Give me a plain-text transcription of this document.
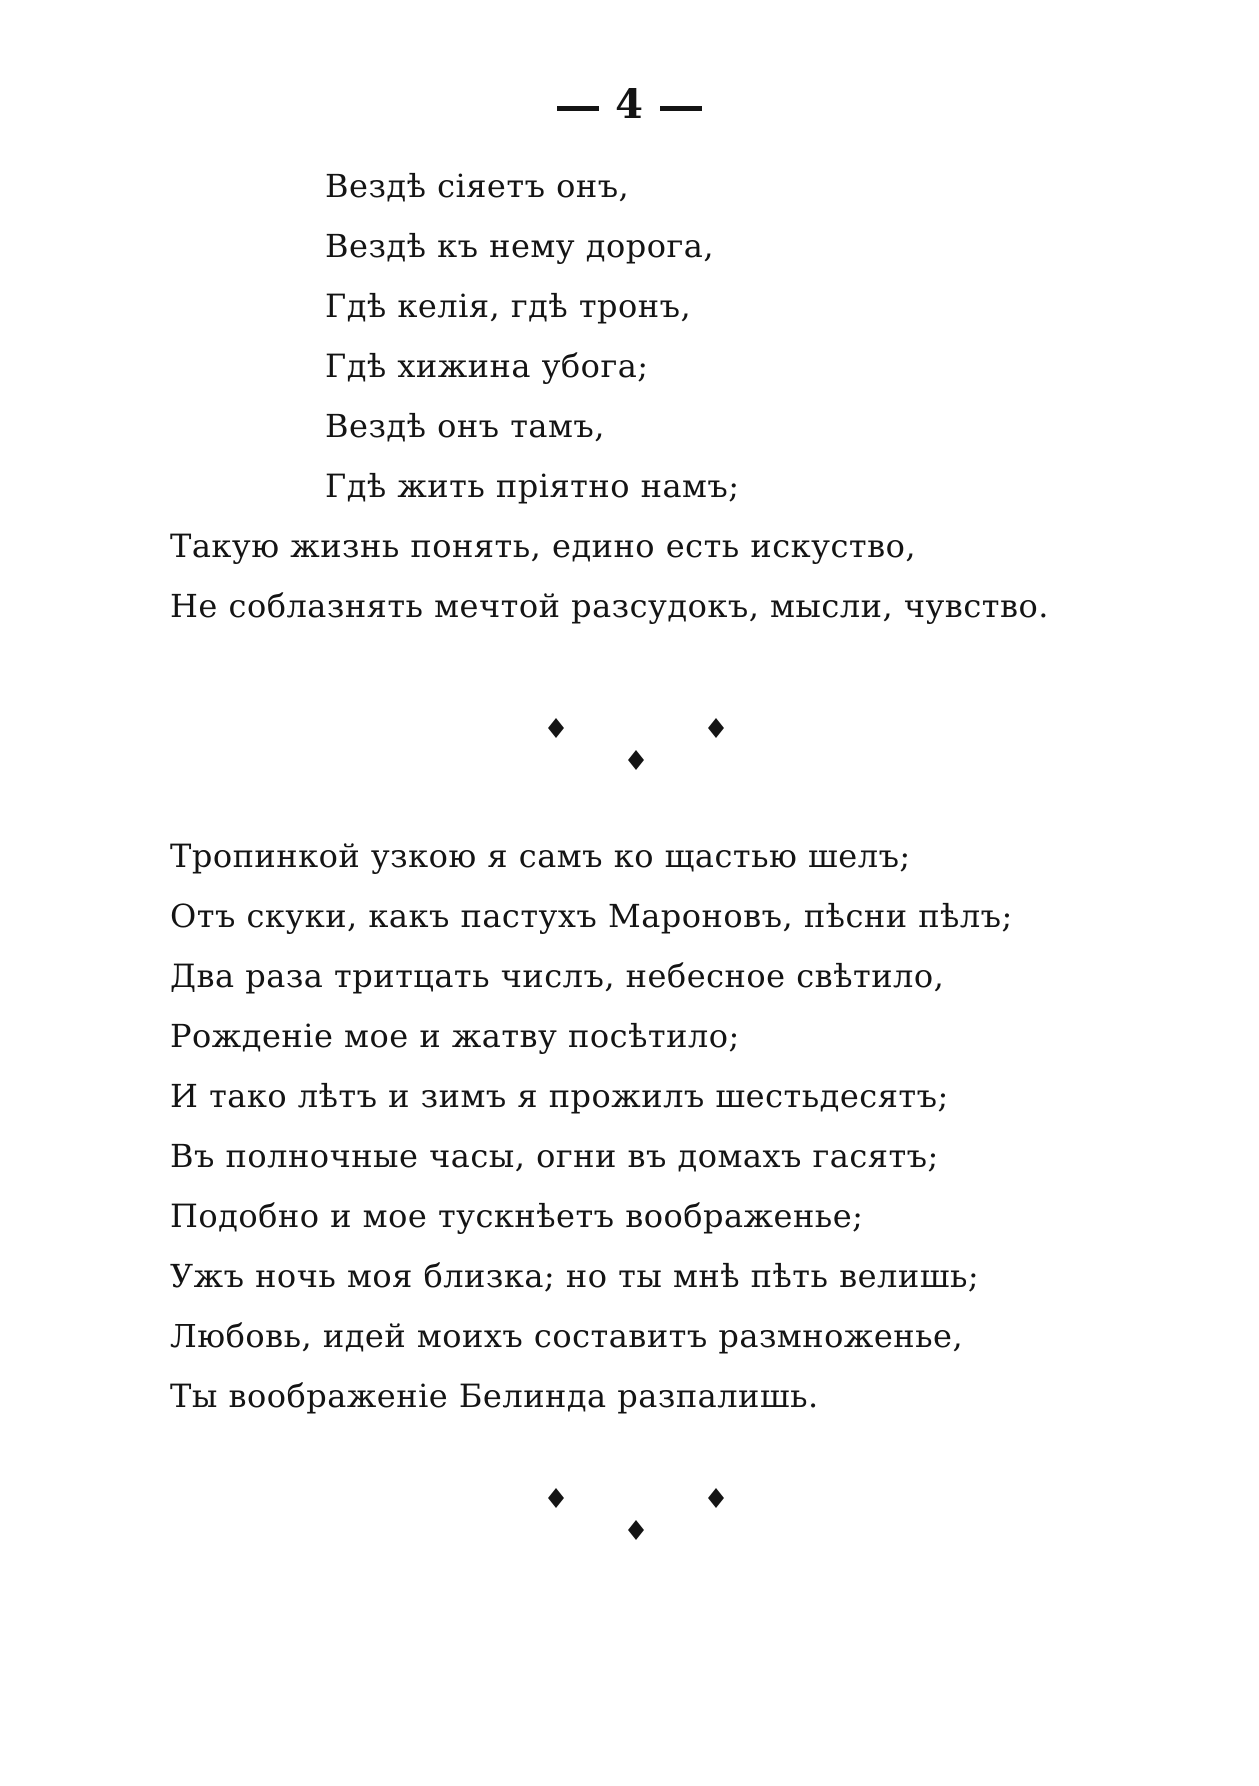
4
Вездѣ сіяетъ онъ,
Вездѣ къ нему дорога,
Гдѣ келія, гдѣ тронъ,
Гдѣ хижина убога;
Вездѣ онъ тамъ,
Гдѣ жить пріятно намъ;
Такую жизнь понять, едино есть искуство,
Не соблазнять мечтой разсудокъ, мысли, чувство.
Тропинкой узкою я самъ ко щастью шелъ;
Отъ скуки, какъ пастухъ Мароновъ, пѣсни пѣлъ;
Два раза тритцать числъ, небесное свѣтило,
Рожденіе мое и жатву посѣтило;
И тако лѣтъ и зимъ я прожилъ шестьдесятъ;
Въ полночные часы, огни въ домахъ гасятъ;
Подобно и мое тускнѣетъ воображенье;
Ужъ ночь моя близка; но ты мнѣ пѣть велишь;
Любовь, идей моихъ составитъ размноженье,
Ты воображеніе Белинда разпалишь.
